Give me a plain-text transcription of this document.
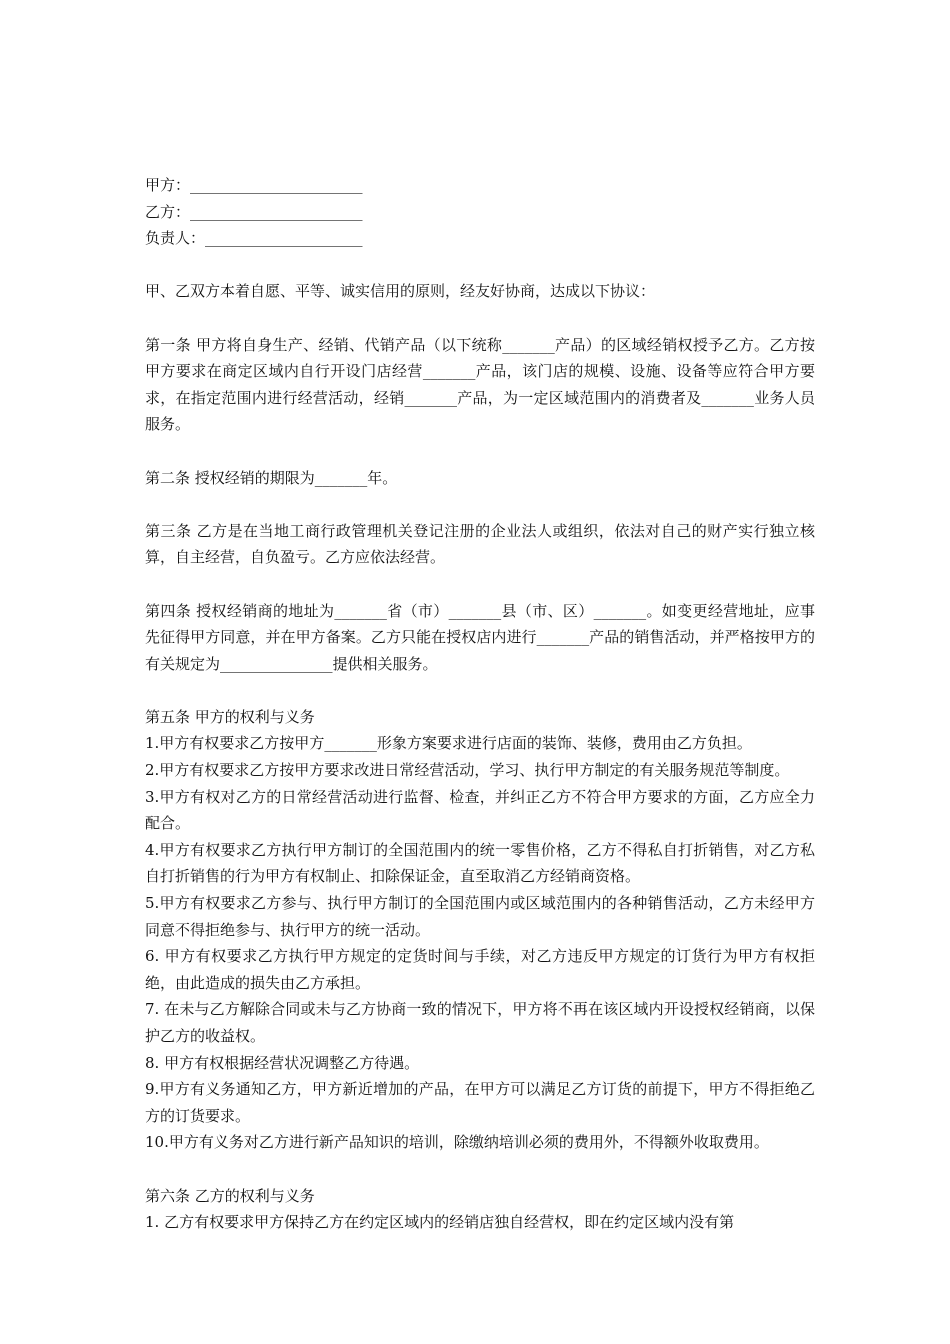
甲方：_______________________
乙方：_______________________
负责人：_____________________
甲、乙双方本着自愿、平等、诚实信用的原则，经友好协商，达成以下协议：
第一条 甲方将自身生产、经销、代销产品（以下统称_______产品）的区域经销权授予乙方。乙方按甲方要求在商定区域内自行开设门店经营_______产品，该门店的规模、设施、设备等应符合甲方要求，在指定范围内进行经营活动，经销_______产品，为一定区域范围内的消费者及_______业务人员服务。
第二条 授权经销的期限为_______年。
第三条 乙方是在当地工商行政管理机关登记注册的企业法人或组织，依法对自己的财产实行独立核算，自主经营，自负盈亏。乙方应依法经营。
第四条 授权经销商的地址为_______省（市）_______县（市、区）_______。如变更经营地址，应事先征得甲方同意，并在甲方备案。乙方只能在授权店内进行_______产品的销售活动，并严格按甲方的有关规定为_______________提供相关服务。
第五条 甲方的权利与义务
1.甲方有权要求乙方按甲方_______形象方案要求进行店面的装饰、装修，费用由乙方负担。
2.甲方有权要求乙方按甲方要求改进日常经营活动，学习、执行甲方制定的有关服务规范等制度。
3.甲方有权对乙方的日常经营活动进行监督、检查，并纠正乙方不符合甲方要求的方面，乙方应全力配合。
4.甲方有权要求乙方执行甲方制订的全国范围内的统一零售价格，乙方不得私自打折销售，对乙方私自打折销售的行为甲方有权制止、扣除保证金，直至取消乙方经销商资格。
5.甲方有权要求乙方参与、执行甲方制订的全国范围内或区域范围内的各种销售活动，乙方未经甲方同意不得拒绝参与、执行甲方的统一活动。
6. 甲方有权要求乙方执行甲方规定的定货时间与手续，对乙方违反甲方规定的订货行为甲方有权拒绝，由此造成的损失由乙方承担。
7. 在未与乙方解除合同或未与乙方协商一致的情况下，甲方将不再在该区域内开设授权经销商，以保护乙方的收益权。
8. 甲方有权根据经营状况调整乙方待遇。
9.甲方有义务通知乙方，甲方新近增加的产品，在甲方可以满足乙方订货的前提下，甲方不得拒绝乙方的订货要求。
10.甲方有义务对乙方进行新产品知识的培训，除缴纳培训必须的费用外，不得额外收取费用。
第六条 乙方的权利与义务
1. 乙方有权要求甲方保持乙方在约定区域内的经销店独自经营权，即在约定区域内没有第
